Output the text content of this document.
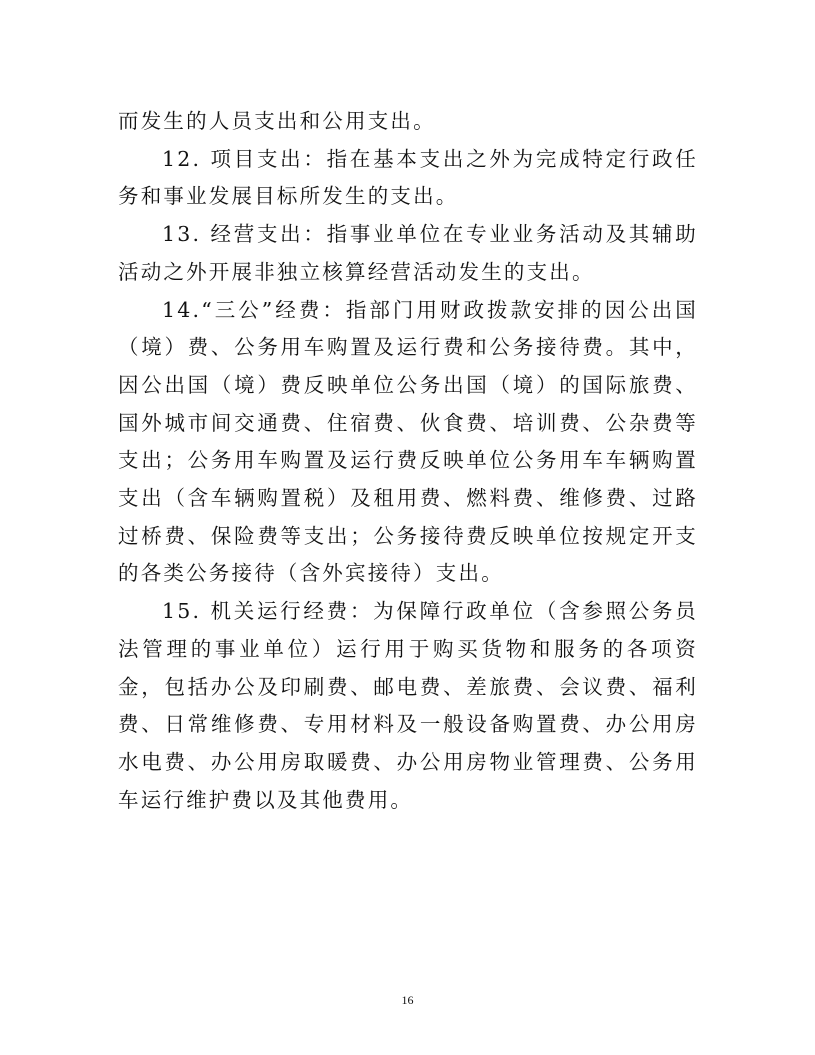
而发生的人员支出和公用支出。

12. 项目支出：指在基本支出之外为完成特定行政任务和事业发展目标所发生的支出。

13. 经营支出：指事业单位在专业业务活动及其辅助活动之外开展非独立核算经营活动发生的支出。

14.“三公”经费：指部门用财政拨款安排的因公出国（境）费、公务用车购置及运行费和公务接待费。其中，因公出国（境）费反映单位公务出国（境）的国际旅费、国外城市间交通费、住宿费、伙食费、培训费、公杂费等支出；公务用车购置及运行费反映单位公务用车车辆购置支出（含车辆购置税）及租用费、燃料费、维修费、过路过桥费、保险费等支出；公务接待费反映单位按规定开支的各类公务接待（含外宾接待）支出。

15. 机关运行经费：为保障行政单位（含参照公务员法管理的事业单位）运行用于购买货物和服务的各项资金，包括办公及印刷费、邮电费、差旅费、会议费、福利费、日常维修费、专用材料及一般设备购置费、办公用房水电费、办公用房取暖费、办公用房物业管理费、公务用车运行维护费以及其他费用。

16
